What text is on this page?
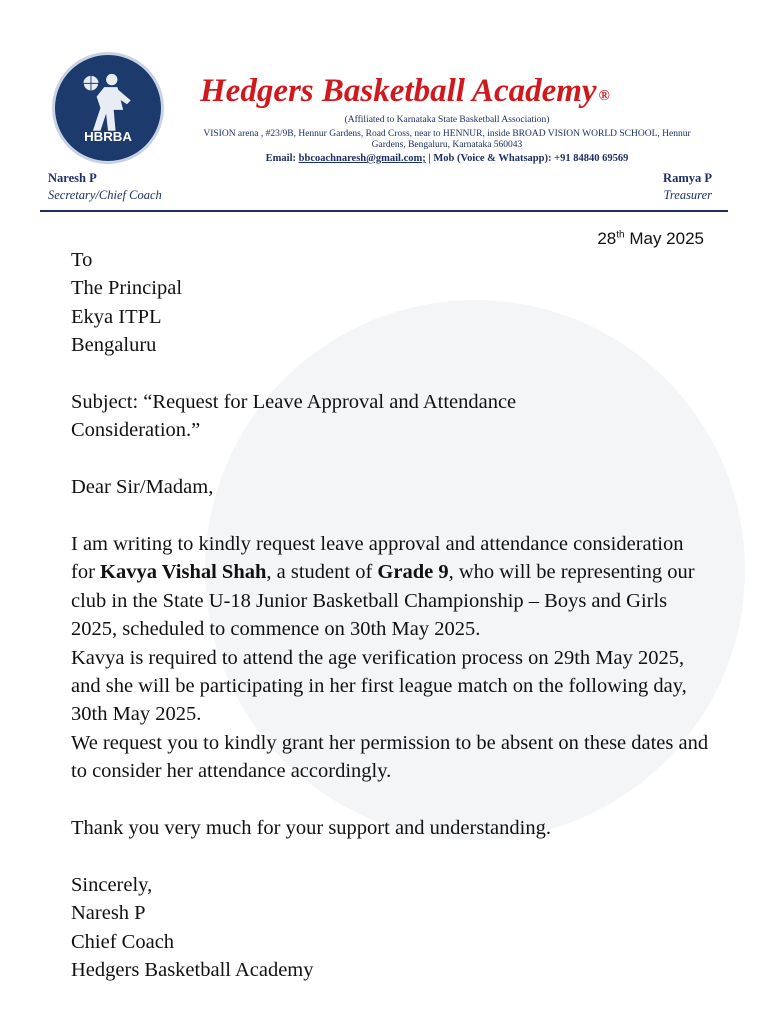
HBRBA
Hedgers Basketball Academy ®
(Affiliated to Karnataka State Basketball Association)
VISION arena , #23/9B, Hennur Gardens, Road Cross, near to HENNUR, inside BROAD VISION WORLD SCHOOL, Hennur
Gardens, Bengaluru, Karnataka 560043
Email: bbcoachnaresh@gmail.com; | Mob (Voice & Whatsapp): +91 84840 69569
Naresh P
Secretary/Chief Coach
Ramya P
Treasurer
28th May 2025

To

The Principal

Ekya ITPL

Bengaluru

Subject: “Request for Leave Approval and Attendance

Consideration.”

Dear Sir/Madam,

I am writing to kindly request leave approval and attendance consideration for Kavya Vishal Shah, a student of Grade 9, who will be representing our club in the State U-18 Junior Basketball Championship – Boys and Girls 2025, scheduled to commence on 30th May 2025.

Kavya is required to attend the age verification process on 29th May 2025, and she will be participating in her first league match on the following day, 30th May 2025.

We request you to kindly grant her permission to be absent on these dates and to consider her attendance accordingly.

Thank you very much for your support and understanding.

Sincerely,

Naresh P

Chief Coach

Hedgers Basketball Academy
